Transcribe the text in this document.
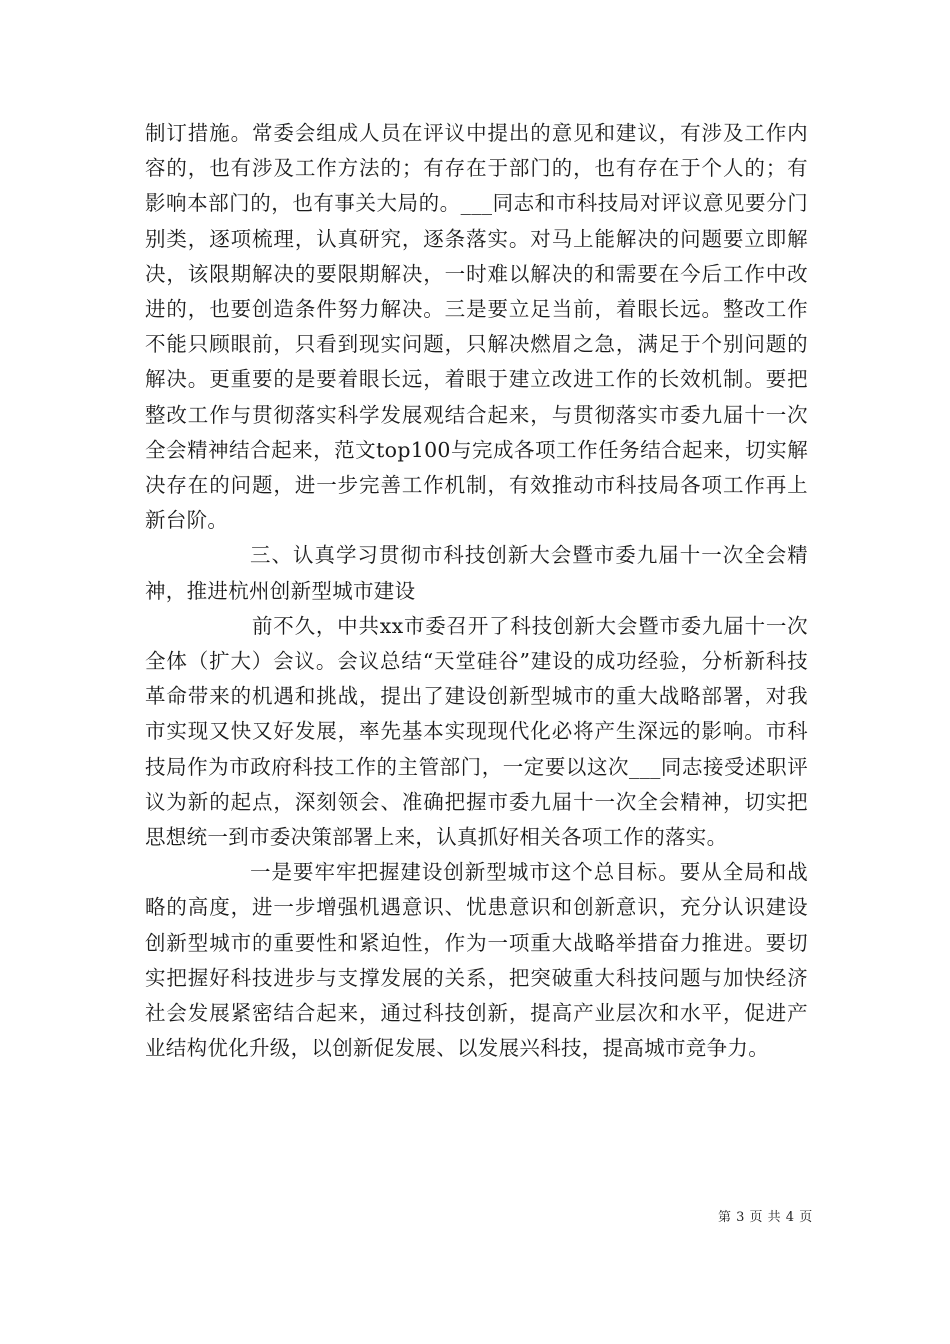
制订措施。常委会组成人员在评议中提出的意见和建议，有涉及工作内容的，也有涉及工作方法的；有存在于部门的，也有存在于个人的；有影响本部门的，也有事关大局的。___同志和市科技局对评议意见要分门别类，逐项梳理，认真研究，逐条落实。对马上能解决的问题要立即解决，该限期解决的要限期解决，一时难以解决的和需要在今后工作中改进的，也要创造条件努力解决。三是要立足当前，着眼长远。整改工作不能只顾眼前，只看到现实问题，只解决燃眉之急，满足于个别问题的解决。更重要的是要着眼长远，着眼于建立改进工作的长效机制。要把整改工作与贯彻落实科学发展观结合起来，与贯彻落实市委九届十一次全会精神结合起来，范文top100与完成各项工作任务结合起来，切实解决存在的问题，进一步完善工作机制，有效推动市科技局各项工作再上新台阶。

三、认真学习贯彻市科技创新大会暨市委九届十一次全会精神，推进杭州创新型城市建设

前不久，中共xx市委召开了科技创新大会暨市委九届十一次全体（扩大）会议。会议总结“天堂硅谷”建设的成功经验，分析新科技革命带来的机遇和挑战，提出了建设创新型城市的重大战略部署，对我市实现又快又好发展，率先基本实现现代化必将产生深远的影响。市科技局作为市政府科技工作的主管部门，一定要以这次___同志接受述职评议为新的起点，深刻领会、准确把握市委九届十一次全会精神，切实把思想统一到市委决策部署上来，认真抓好相关各项工作的落实。

一是要牢牢把握建设创新型城市这个总目标。要从全局和战略的高度，进一步增强机遇意识、忧患意识和创新意识，充分认识建设创新型城市的重要性和紧迫性，作为一项重大战略举措奋力推进。要切实把握好科技进步与支撑发展的关系，把突破重大科技问题与加快经济社会发展紧密结合起来，通过科技创新，提高产业层次和水平，促进产业结构优化升级，以创新促发展、以发展兴科技，提高城市竞争力。

第 3 页 共 4 页
